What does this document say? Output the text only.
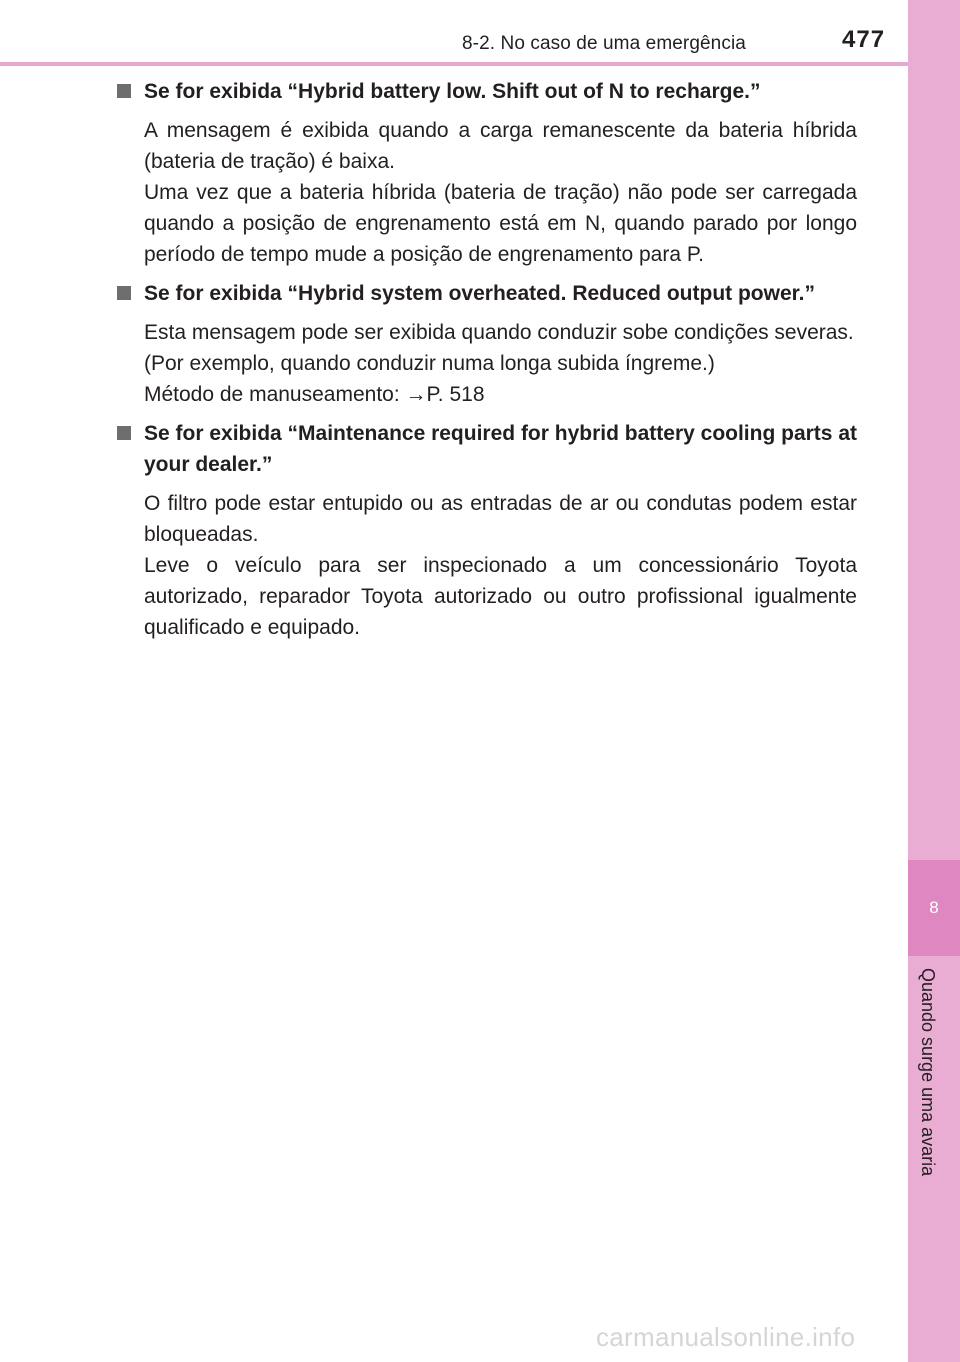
8-2. No caso de uma emergência	477
8
Quando surge uma avaria
Se for exibida “Hybrid battery low. Shift out of N to recharge.”

A mensagem é exibida quando a carga remanescente da bateria híbrida (bateria de tração) é baixa.

Uma vez que a bateria híbrida (bateria de tração) não pode ser carregada quando a posição de engrenamento está em N, quando parado por longo período de tempo mude a posição de engrenamento para P.

Se for exibida “Hybrid system overheated. Reduced output power.”

Esta mensagem pode ser exibida quando conduzir sobe condições severas.

(Por exemplo, quando conduzir numa longa subida íngreme.)

Método de manuseamento: →P. 518

Se for exibida “Maintenance required for hybrid battery cooling parts at your dealer.”

O filtro pode estar entupido ou as entradas de ar ou condutas podem estar bloqueadas.

Leve o veículo para ser inspecionado a um concessionário Toyota autorizado, reparador Toyota autorizado ou outro profissional igualmente qualificado e equipado.

carmanualsonline.info
